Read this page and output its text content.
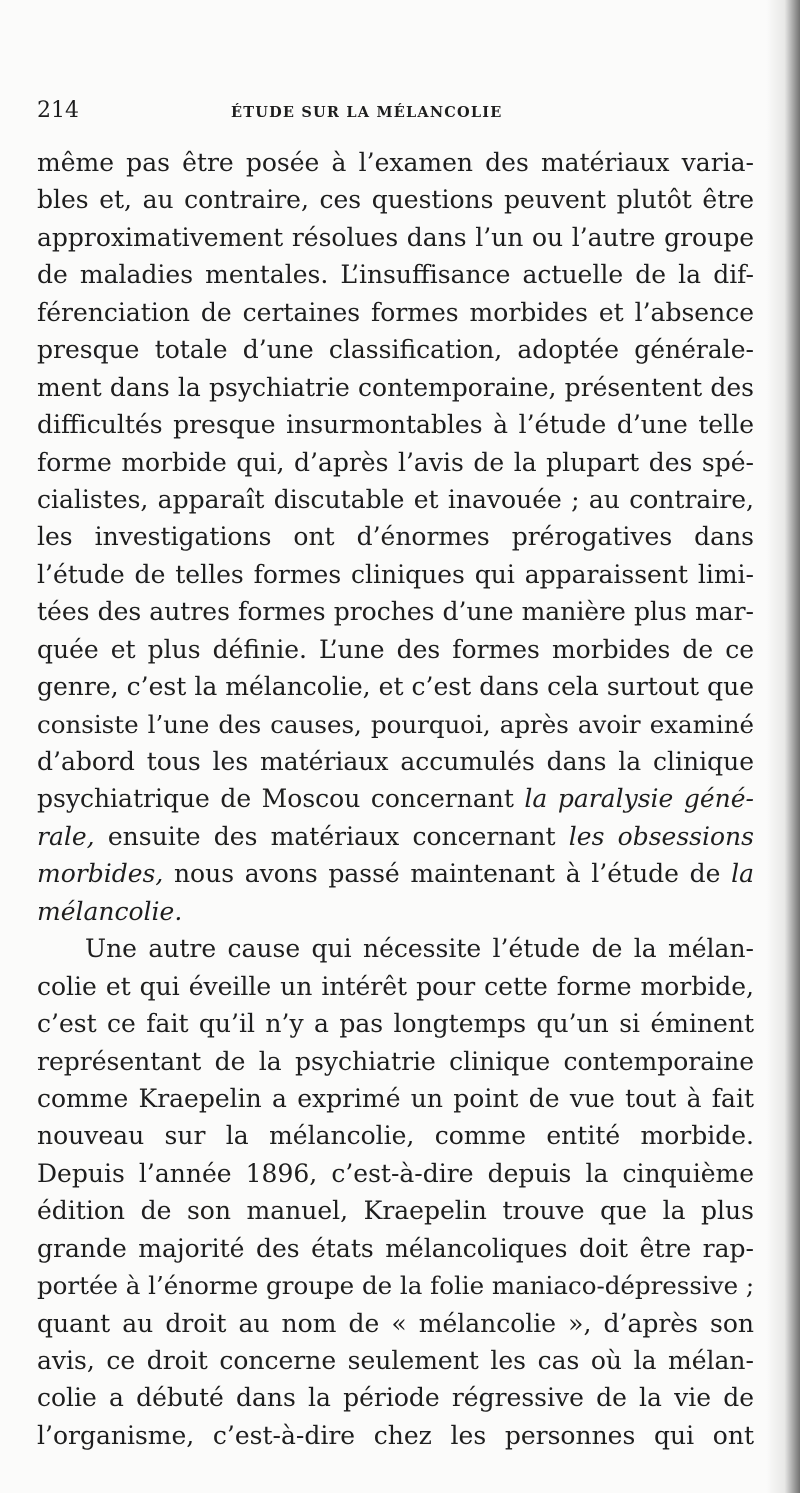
214	ÉTUDE SUR LA MÉLANCOLIE
même pas être posée à l’examen des matériaux varia-
bles et, au contraire, ces questions peuvent plutôt être
approximativement résolues dans l’un ou l’autre groupe
de maladies mentales. L’insuffisance actuelle de la dif-
férenciation de certaines formes morbides et l’absence
presque totale d’une classification, adoptée générale-
ment dans la psychiatrie contemporaine, présentent des
difficultés presque insurmontables à l’étude d’une telle
forme morbide qui, d’après l’avis de la plupart des spé-
cialistes, apparaît discutable et inavouée ; au contraire,
les investigations ont d’énormes prérogatives dans
l’étude de telles formes cliniques qui apparaissent limi-
tées des autres formes proches d’une manière plus mar-
quée et plus définie. L’une des formes morbides de ce
genre, c’est la mélancolie, et c’est dans cela surtout que
consiste l’une des causes, pourquoi, après avoir examiné
d’abord tous les matériaux accumulés dans la clinique
psychiatrique de Moscou concernant la paralysie géné-
rale, ensuite des matériaux concernant les obsessions
morbides, nous avons passé maintenant à l’étude de la
mélancolie.
Une autre cause qui nécessite l’étude de la mélan-
colie et qui éveille un intérêt pour cette forme morbide,
c’est ce fait qu’il n’y a pas longtemps qu’un si éminent
représentant de la psychiatrie clinique contemporaine
comme Kraepelin a exprimé un point de vue tout à fait
nouveau sur la mélancolie, comme entité morbide.
Depuis l’année 1896, c’est-à-dire depuis la cinquième
édition de son manuel, Kraepelin trouve que la plus
grande majorité des états mélancoliques doit être rap-
portée à l’énorme groupe de la folie maniaco-dépressive ;
quant au droit au nom de « mélancolie », d’après son
avis, ce droit concerne seulement les cas où la mélan-
colie a débuté dans la période régressive de la vie de
l’organisme, c’est-à-dire chez les personnes qui ont
